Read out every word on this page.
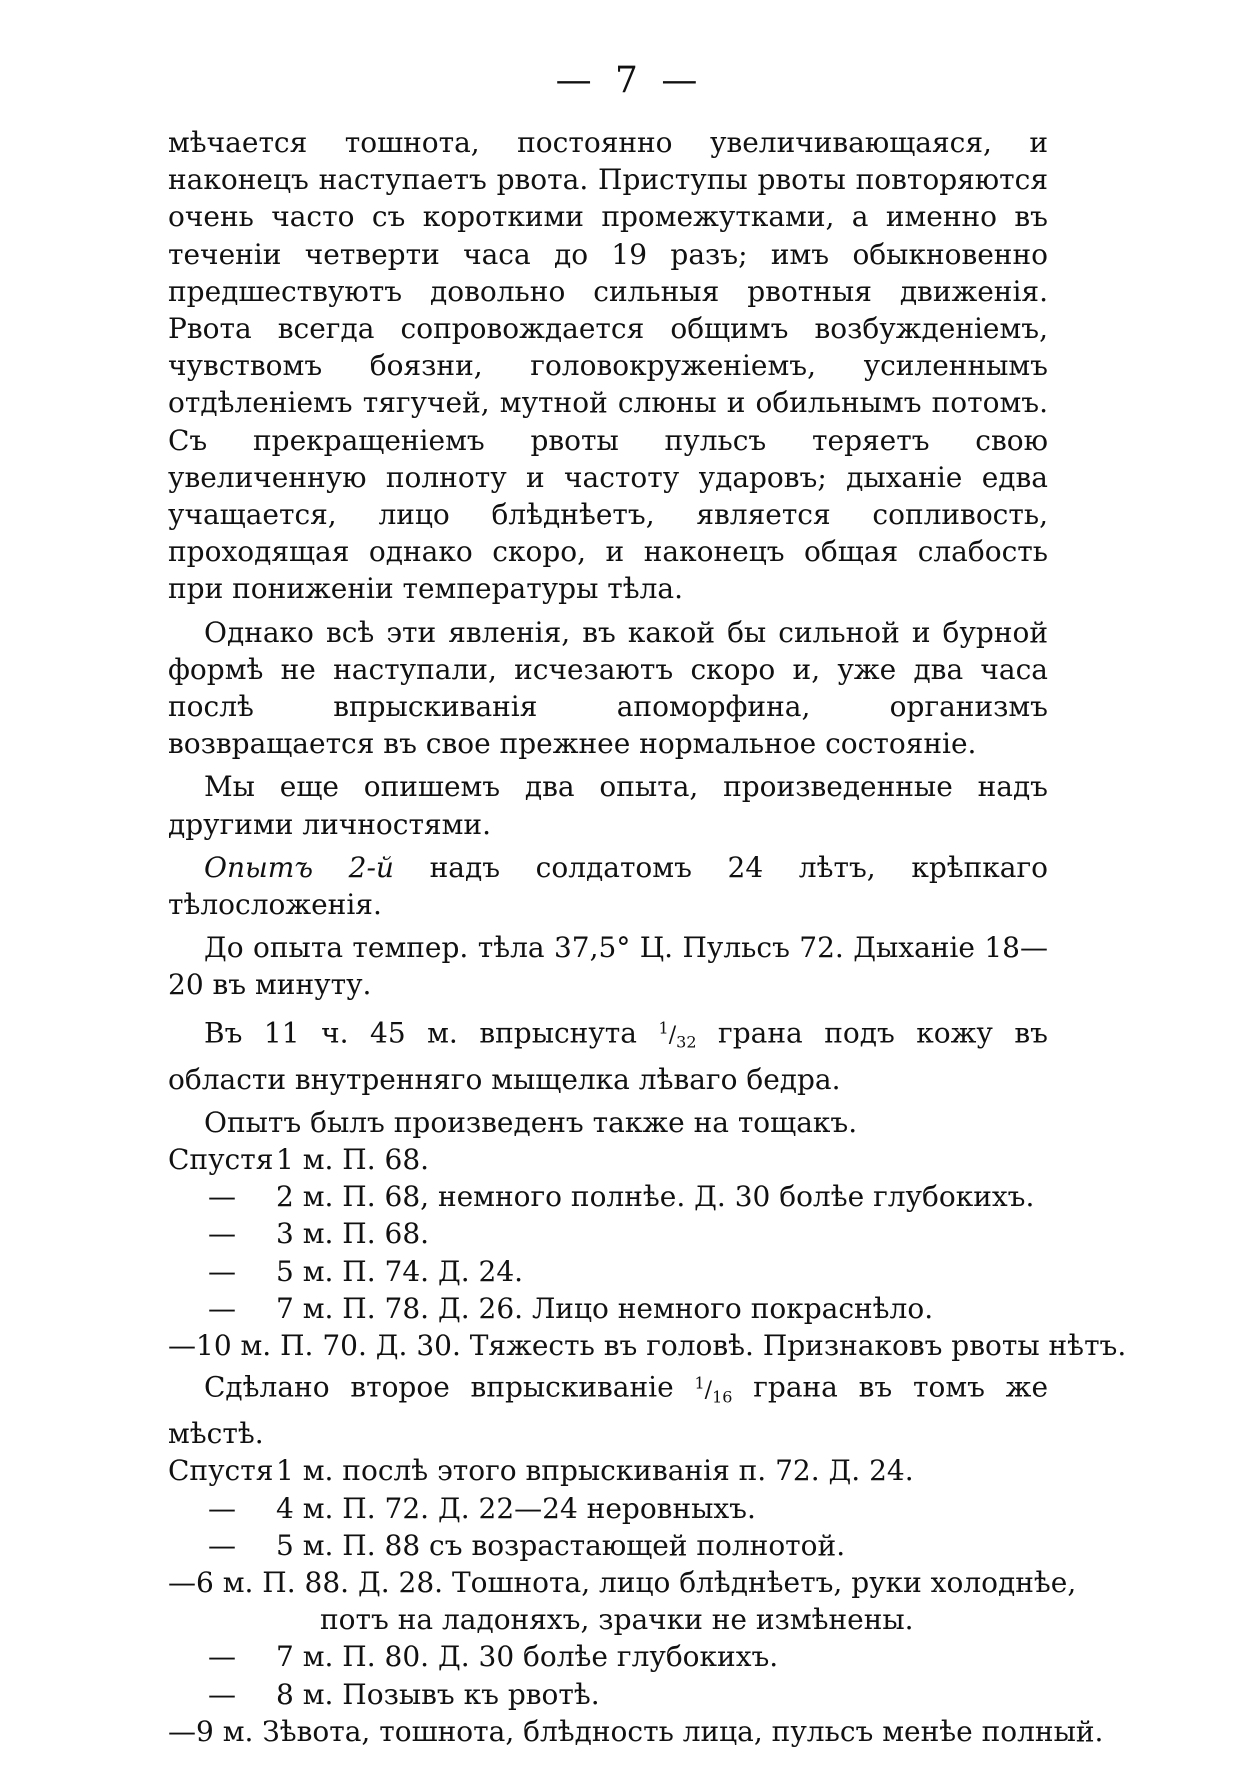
— 7 —

мѣчается тошнота, постоянно увеличивающаяся, и наконецъ наступаетъ рвота. Приступы рвоты повторяются очень часто съ короткими промежутками, а именно въ теченіи четверти часа до 19 разъ; имъ обыкновенно предшествуютъ довольно сильныя рвотныя движенія. Рвота всегда сопровождается общимъ возбужденіемъ, чувствомъ боязни, головокруженіемъ, усиленнымъ отдѣленіемъ тягучей, мутной слюны и обильнымъ потомъ. Съ прекращеніемъ рвоты пульсъ теряетъ свою увеличенную полноту и частоту ударовъ; дыханіе едва учащается, лицо блѣднѣетъ, является сопливость, проходящая однако скоро, и наконецъ общая слабость при пониженіи температуры тѣла.

Однако всѣ эти явленія, въ какой бы сильной и бурной формѣ не наступали, исчезаютъ скоро и, уже два часа послѣ впрыскиванія апоморфина, организмъ возвращается въ свое прежнее нормальное состояніе.

Мы еще опишемъ два опыта, произведенные надъ другими личностями.

Опытъ 2-й надъ солдатомъ 24 лѣтъ, крѣпкаго тѣлосложенія.

До опыта темпер. тѣла 37,5° Ц. Пульсъ 72. Дыханіе 18—20 въ минуту.

Въ 11 ч. 45 м. впрыснута $^1/_{32}$ грана подъ кожу въ области внутренняго мыщелка лѣваго бедра.

Опытъ былъ произведенъ также на тощакъ.

Спустя 1 м. П. 68.
—	2 м. П. 68, немного полнѣе. Д. 30 болѣе глубокихъ.
—	3 м. П. 68.
—	5 м. П. 74. Д. 24.
—	7 м. П. 78. Д. 26. Лицо немного покраснѣло.
— 10 м. П. 70. Д. 30. Тяжесть въ головѣ. Признаковъ рвоты нѣтъ.

Сдѣлано второе впрыскиваніе $^1/_{16}$ грана въ томъ же мѣстѣ.

Спустя 1 м. послѣ этого впрыскиванія п. 72. Д. 24.
—	4 м. П. 72. Д. 22—24 неровныхъ.
—	5 м. П. 88 съ возрастающей полнотой.
— 6 м. П. 88. Д. 28. Тошнота, лицо блѣднѣетъ, руки холоднѣе,
потъ на ладоняхъ, зрачки не измѣнены.
—	7 м. П. 80. Д. 30 болѣе глубокихъ.
—	8 м. Позывъ къ рвотѣ.
— 9 м. Зѣвота, тошнота, блѣдность лица, пульсъ менѣе полный.
